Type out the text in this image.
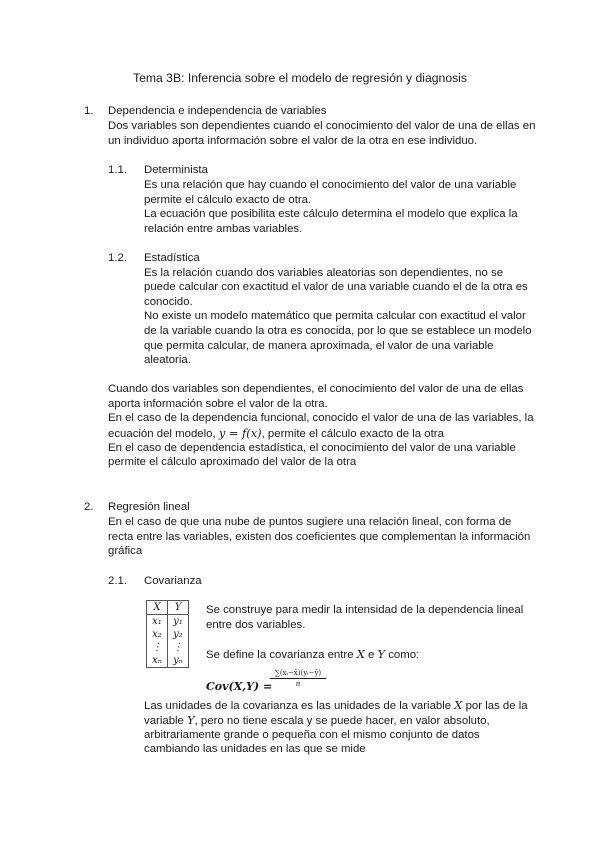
Tema 3B: Inferencia sobre el modelo de regresión y diagnosis
1. Dependencia e independencia de variables
Dos variables son dependientes cuando el conocimiento del valor de una de ellas en
un individuo aporta información sobre el valor de la otra en ese individuo.
1.1. Determinista
Es una relación que hay cuando el conocimiento del valor de una variable
permite el cálculo exacto de otra.
La ecuación que posibilita este cálculo determina el modelo que explica la
relación entre ambas variables.
1.2. Estadística
Es la relación cuando dos variables aleatorias son dependientes, no se
puede calcular con exactitud el valor de una variable cuando el de la otra es
conocido.
No existe un modelo matemático que permita calcular con exactitud el valor
de la variable cuando la otra es conocida, por lo que se establece un modelo
que permita calcular, de manera aproximada, el valor de una variable
aleatoria.
Cuando dos variables son dependientes, el conocimiento del valor de una de ellas
aporta información sobre el valor de la otra.
En el caso de la dependencia funcional, conocido el valor de una de las variables, la
ecuación del modelo, y = f(x), permite el cálculo exacto de la otra
En el caso de dependencia estadística, el conocimiento del valor de una variable
permite el cálculo aproximado del valor de la otra
2. Regresión lineal
En el caso de que una nube de puntos sugiere una relación lineal, con forma de
recta entre las variables, existen dos coeficientes que complementan la información
gráfica
2.1. Covarianza
X	Y
x₁	y₁
x₂	y₂
⋮	⋮
xₙ	yₙ
Se construye para medir la intensidad de la dependencia lineal
entre dos variables.
Se define la covarianza entre X e Y como:
Cov(X,Y) =
$\frac{\text{∑(xᵢ−x̄)(yᵢ−ȳ)}}{n}$
Las unidades de la covarianza es las unidades de la variable X por las de la
variable Y, pero no tiene escala y se puede hacer, en valor absoluto,
arbitrariamente grande o pequeña con el mismo conjunto de datos
cambiando las unidades en las que se mide
